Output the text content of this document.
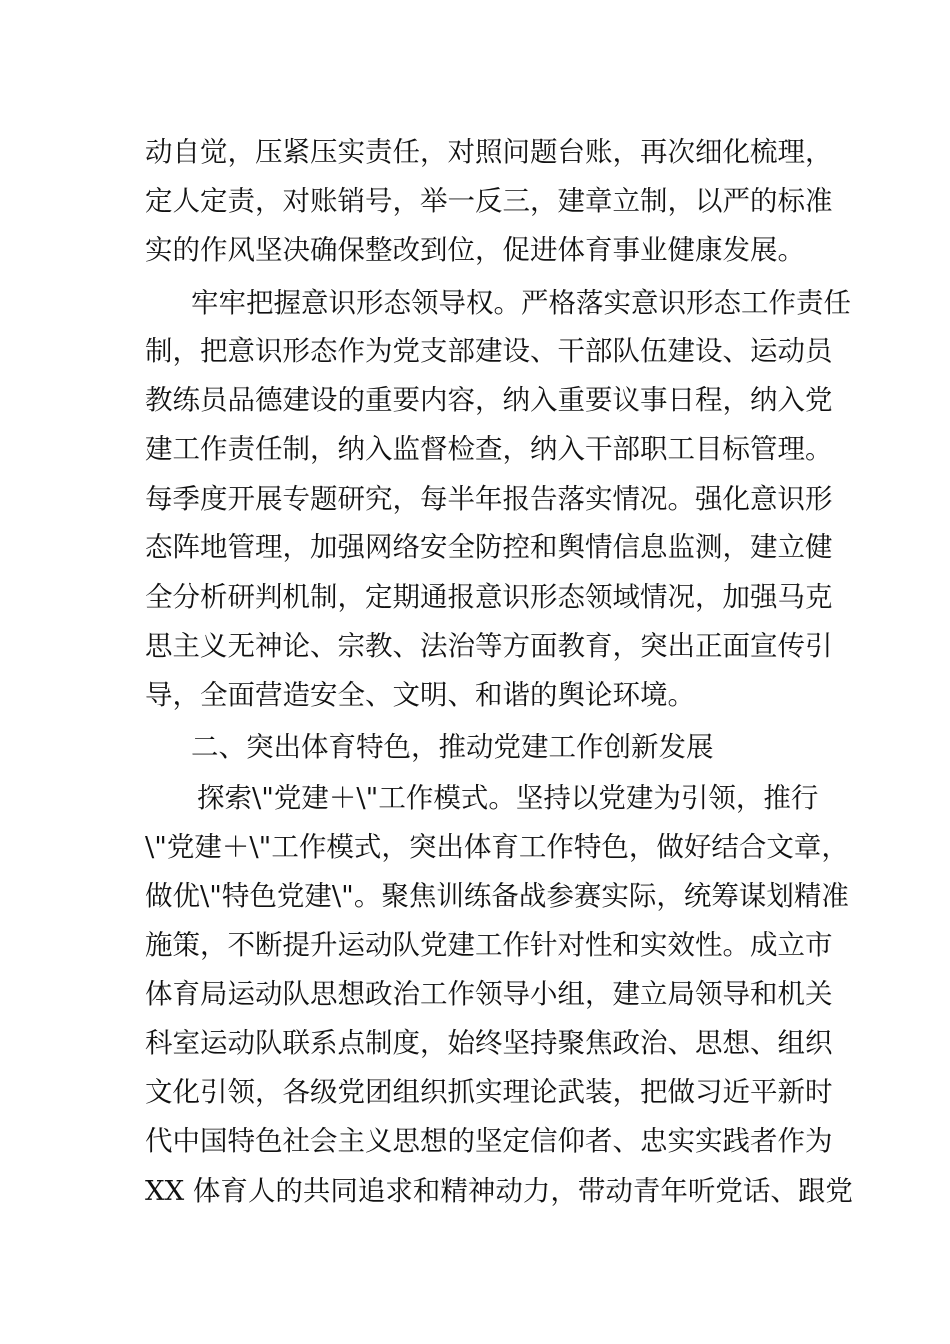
动自觉，压紧压实责任，对照问题台账，再次细化梳理，
定人定责，对账销号，举一反三，建章立制，以严的标准
实的作风坚决确保整改到位，促进体育事业健康发展。
牢牢把握意识形态领导权。严格落实意识形态工作责任
制，把意识形态作为党支部建设、干部队伍建设、运动员
教练员品德建设的重要内容，纳入重要议事日程，纳入党
建工作责任制，纳入监督检查，纳入干部职工目标管理。
每季度开展专题研究，每半年报告落实情况。强化意识形
态阵地管理，加强网络安全防控和舆情信息监测，建立健
全分析研判机制，定期通报意识形态领域情况，加强马克
思主义无神论、宗教、法治等方面教育，突出正面宣传引
导，全面营造安全、文明、和谐的舆论环境。
二、突出体育特色，推动党建工作创新发展
探索\"党建＋\"工作模式。坚持以党建为引领，推行
\"党建＋\"工作模式，突出体育工作特色，做好结合文章，
做优\"特色党建\"。聚焦训练备战参赛实际，统筹谋划精准
施策，不断提升运动队党建工作针对性和实效性。成立市
体育局运动队思想政治工作领导小组，建立局领导和机关
科室运动队联系点制度，始终坚持聚焦政治、思想、组织
文化引领，各级党团组织抓实理论武装，把做习近平新时
代中国特色社会主义思想的坚定信仰者、忠实实践者作为
XX 体育人的共同追求和精神动力，带动青年听党话、跟党
